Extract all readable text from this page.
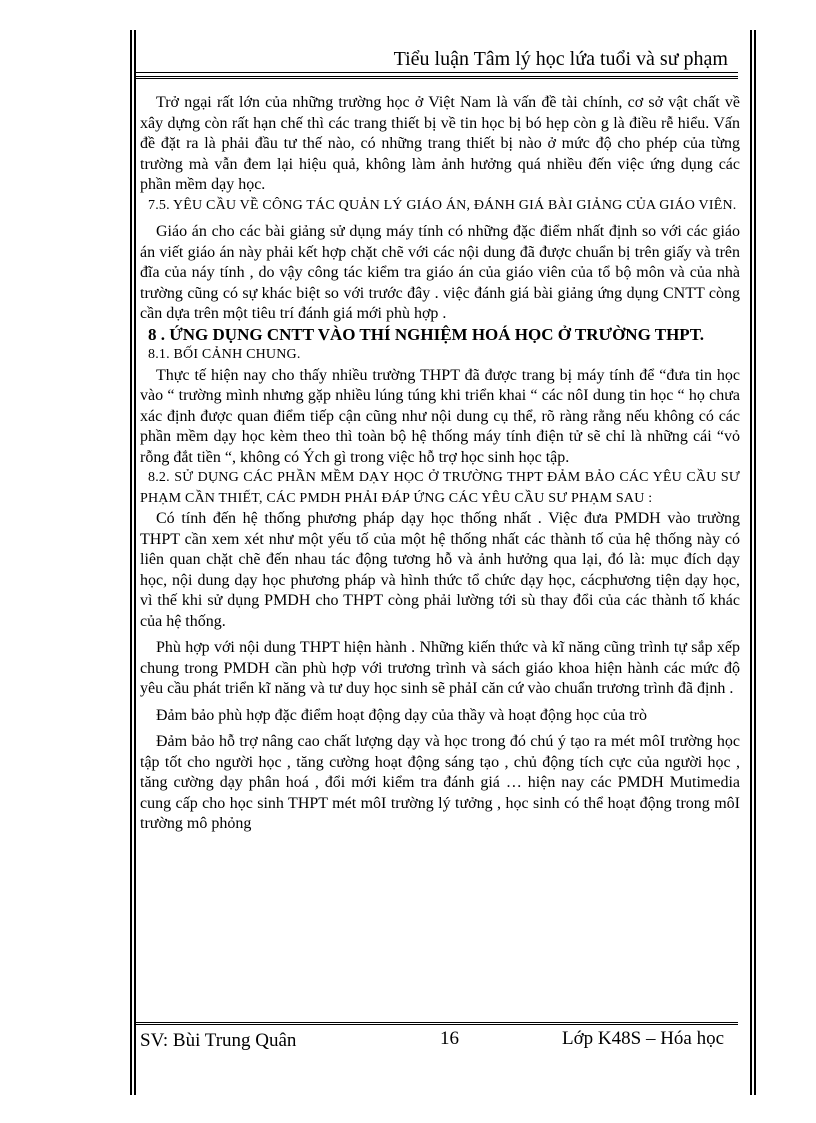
Tiểu luận Tâm lý học lứa tuổi và sư phạm

Trở ngại rất lớn của những trường học ở Việt Nam là vấn đề tài chính, cơ sở vật chất về xây dựng còn rất hạn chế thì các trang thiết bị về tin học bị bó hẹp còn g là điều rễ hiểu. Vấn đề đặt ra là phải đầu tư thế nào, có những trang thiết bị nào ở mức độ cho phép của từng trường mà vẫn đem lại hiệu quả, không làm ảnh hưởng quá nhiều đến việc ứng dụng các phần mềm dạy học.

7.5. YÊU CẦU VỀ CÔNG TÁC QUẢN LÝ GIÁO ÁN, ĐÁNH GIÁ BÀI GIẢNG CỦA GIÁO VIÊN.

Giáo án cho các bài giảng sử dụng máy tính có những đặc điểm nhất định so với các giáo án viết giáo án này phải kết hợp chặt chẽ với các nội dung đã được chuẩn bị trên giấy và trên đĩa của náy tính , do vậy công tác kiểm tra giáo án của giáo viên của tổ bộ môn và của nhà trường cũng có sự khác biệt so với trước đây . việc đánh giá bài giảng ứng dụng CNTT còng cần dựa trên một tiêu trí đánh giá mới phù hợp .

8 . ỨNG DỤNG CNTT VÀO THÍ NGHIỆM HOÁ HỌC Ở TRƯỜNG THPT.

8.1. BỐI CẢNH CHUNG.

Thực tế hiện nay cho thấy nhiều trường THPT đã được trang bị máy tính để “đưa tin học vào “ trường mình nhưng gặp nhiều lúng túng khi triển khai “ các nôI dung tin học “ họ chưa xác định được quan điểm tiếp cận cũng như nội dung cụ thể, rõ ràng rằng nếu không có các phần mềm dạy học kèm theo thì toàn bộ hệ thống máy tính điện tử sẽ chỉ là những cái “vỏ rỗng đắt tiền “, không có Ých gì trong việc hỗ trợ học sinh học tập.

8.2. SỬ DỤNG CÁC PHẦN MỀM DẠY HỌC Ở TRƯỜNG THPT ĐẢM BẢO CÁC YÊU CẦU SƯ PHẠM CẦN THIẾT, CÁC PMDH PHẢI ĐÁP ỨNG CÁC YÊU CẦU SƯ PHẠM SAU :

Có tính đến hệ thống phương pháp dạy học thống nhất . Việc đưa PMDH vào trường THPT cần xem xét như một yếu tố của một hệ thống nhất các thành tố của hệ thống này có liên quan chặt chẽ đến nhau tác động tương hỗ và ảnh hưởng qua lại, đó là: mục đích dạy học, nội dung dạy học phương pháp và hình thức tổ chức dạy học, cácphương tiện dạy học, vì thế khi sử dụng PMDH cho THPT còng phải lường tới sù thay đổi của các thành tố khác của hệ thống.

Phù hợp với nội dung THPT hiện hành . Những kiến thức và kĩ năng cũng trình tự sắp xếp chung trong PMDH cần phù hợp với trương trình và sách giáo khoa hiện hành các mức độ yêu cầu phát triển kĩ năng và tư duy học sinh sẽ phảI căn cứ vào chuẩn trương trình đã định .

Đảm bảo phù hợp đặc điểm hoạt động dạy của thầy và hoạt động học của trò

Đảm bảo hỗ trợ nâng cao chất lượng dạy và học trong đó chú ý tạo ra mét môI trường học tập tốt cho người học , tăng cường hoạt động sáng tạo , chủ động tích cực của người học , tăng cường dạy phân hoá , đổi mới kiểm tra đánh giá … hiện nay các PMDH Mutimedia cung cấp cho học sinh THPT mét môI trường lý tưởng , học sinh có thể hoạt động trong môI trường mô phỏng

SV: Bùi Trung Quân	16	Lớp K48S – Hóa học
